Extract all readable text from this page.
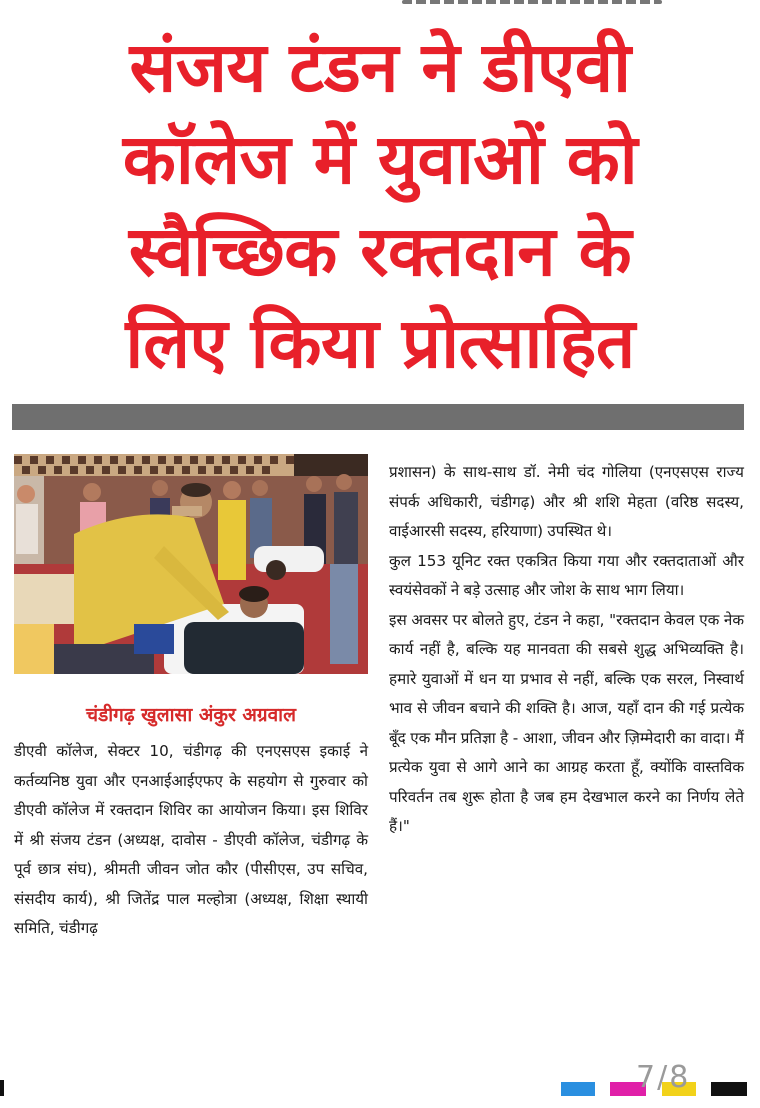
संजय टंडन ने डीएवी
कॉलेज में युवाओं को
स्वैच्छिक रक्तदान के
लिए किया प्रोत्साहित
चंडीगढ़ खुलासा अंकुर अग्रवाल

डीएवी कॉलेज, सेक्टर 10, चंडीगढ़ की एनएसएस इकाई ने कर्तव्यनिष्ठ युवा और एनआईआईएफए के सहयोग से गुरुवार को डीएवी कॉलेज में रक्तदान शिविर का आयोजन किया। इस शिविर में श्री संजय टंडन (अध्यक्ष, दावोस - डीएवी कॉलेज, चंडीगढ़ के पूर्व छात्र संघ), श्रीमती जीवन जोत कौर (पीसीएस, उप सचिव, संसदीय कार्य), श्री जितेंद्र पाल मल्होत्रा (अध्यक्ष, शिक्षा स्थायी समिति, चंडीगढ़

प्रशासन) के साथ-साथ डॉ. नेमी चंद गोलिया (एनएसएस राज्य संपर्क अधिकारी, चंडीगढ़) और श्री शशि मेहता (वरिष्ठ सदस्य, वाईआरसी सदस्य, हरियाणा) उपस्थित थे।

कुल 153 यूनिट रक्त एकत्रित किया गया और रक्तदाताओं और स्वयंसेवकों ने बड़े उत्साह और जोश के साथ भाग लिया।

इस अवसर पर बोलते हुए, टंडन ने कहा, "रक्तदान केवल एक नेक कार्य नहीं है, बल्कि यह मानवता की सबसे शुद्ध अभिव्यक्ति है। हमारे युवाओं में धन या प्रभाव से नहीं, बल्कि एक सरल, निस्वार्थ भाव से जीवन बचाने की शक्ति है। आज, यहाँ दान की गई प्रत्येक बूँद एक मौन प्रतिज्ञा है - आशा, जीवन और ज़िम्मेदारी का वादा। मैं प्रत्येक युवा से आगे आने का आग्रह करता हूँ, क्योंकि वास्तविक परिवर्तन तब शुरू होता है जब हम देखभाल करने का निर्णय लेते हैं।"

7/8
